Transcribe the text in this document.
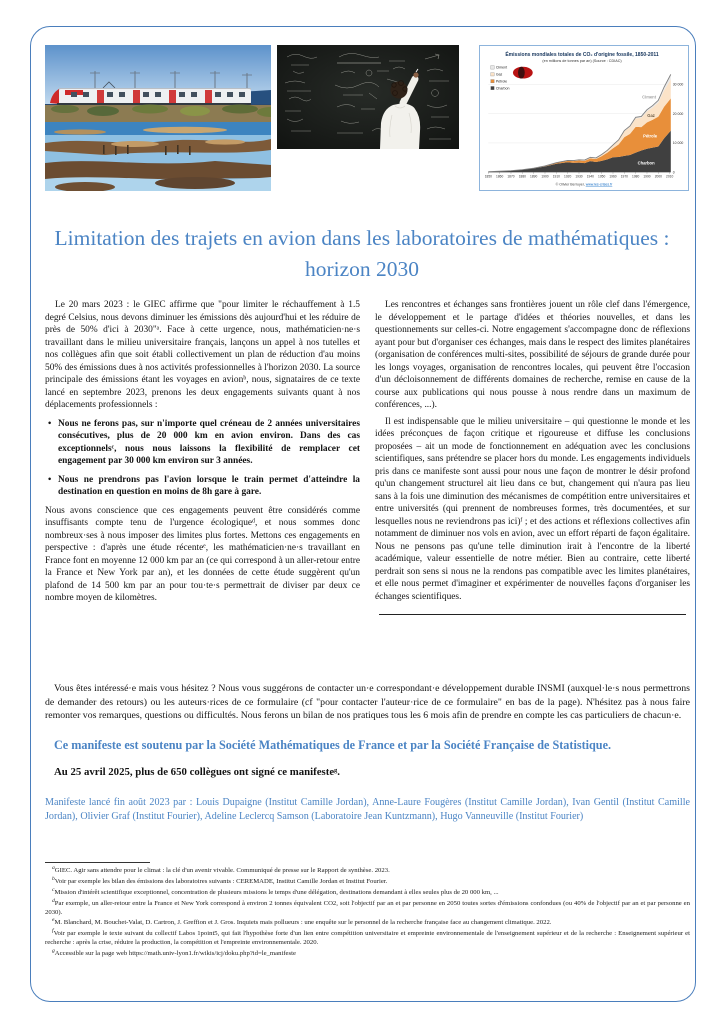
1850 1860 1870 1880 1890 1900 1910 1920 1930 1940 1950 1960 1970 1980 1990 2000 2010
0
10 000
20 000
30 000
Émissions mondiales totales de CO₂ d'origine fossile, 1850-2011
(en millions de tonnes par an) (Source : CDIAC)
Ciment
Gaz
Pétrole
Charbon
Charbon
Pétrole
Gaz
Ciment
© Olivier Berruyer, www.les-crises.fr
Limitation des trajets en avion dans les laboratoires de mathématiques : horizon 2030

Le 20 mars 2023 : le GIEC affirme que "pour limiter le réchauffement à 1.5 degré Celsius, nous devons diminuer les émissions dès aujourd'hui et les réduire de près de 50% d'ici à 2030"ᵃ. Face à cette urgence, nous, mathématicien·ne·s travaillant dans le milieu universitaire français, lançons un appel à nos tutelles et nos collègues afin que soit établi collectivement un plan de réduction d'au moins 50% des émissions dues à nos activités professionnelles à l'horizon 2030. La source principale des émissions étant les voyages en avionᵇ, nous, signataires de ce texte lancé en septembre 2023, prenons les deux engagements suivants quant à nos déplacements professionnels :

• Nous ne ferons pas, sur n'importe quel créneau de 2 années universitaires consécutives, plus de 20 000 km en avion environ. Dans des cas exceptionnelsᶜ, nous nous laissons la flexibilité de remplacer cet engagement par 30 000 km environ sur 3 années.
• Nous ne prendrons pas l'avion lorsque le train permet d'atteindre la destination en question en moins de 8h gare à gare.

Nous avons conscience que ces engagements peuvent être considérés comme insuffisants compte tenu de l'urgence écologiqueᵈ, et nous sommes donc nombreux·ses à nous imposer des limites plus fortes. Mettons ces engagements en perspective : d'après une étude récenteᵉ, les mathématicien·ne·s travaillant en France font en moyenne 12 000 km par an (ce qui correspond à un aller-retour entre la France et New York par an), et les données de cette étude suggèrent qu'un plafond de 14 500 km par an pour tou·te·s permettrait de diviser par deux ce nombre moyen de kilomètres.

Les rencontres et échanges sans frontières jouent un rôle clef dans l'émergence, le développement et le partage d'idées et théories nouvelles, et dans les questionnements sur celles-ci. Notre engagement s'accompagne donc de réflexions ayant pour but d'organiser ces échanges, mais dans le respect des limites planétaires (organisation de conférences multi-sites, possibilité de séjours de grande durée pour les longs voyages, organisation de rencontres locales, qui peuvent être l'occasion d'un décloisonnement de différents domaines de recherche, remise en cause de la course aux publications qui nous pousse à nous rendre dans un maximum de conférences, ...).

Il est indispensable que le milieu universitaire – qui questionne le monde et les idées préconçues de façon critique et rigoureuse et diffuse les conclusions proposées – ait un mode de fonctionnement en adéquation avec les conclusions scientifiques, sans prétendre se placer hors du monde. Les engagements individuels pris dans ce manifeste sont aussi pour nous une façon de montrer le désir profond qu'un changement structurel ait lieu dans ce but, changement qui n'aura pas lieu sans à la fois une diminution des mécanismes de compétition entre universitaires et entre universités (qui prennent de nombreuses formes, très documentées, et sur lesquelles nous ne reviendrons pas ici)ᶠ ; et des actions et réflexions collectives afin notamment de diminuer nos vols en avion, avec un effort réparti de façon égalitaire. Nous ne pensons pas qu'une telle diminution irait à l'encontre de la liberté académique, valeur essentielle de notre métier. Bien au contraire, cette liberté perdrait son sens si nous ne la rendons pas compatible avec les limites planétaires, et elle nous permet d'imaginer et expérimenter de nouvelles façons d'organiser les échanges scientifiques.

Vous êtes intéressé·e mais vous hésitez ? Nous vous suggérons de contacter un·e correspondant·e développement durable INSMI (auxquel·le·s nous permettrons de demander des retours) ou les auteurs·rices de ce formulaire (cf "pour contacter l'auteur·rice de ce formulaire" en bas de la page). N'hésitez pas à nous faire remonter vos remarques, questions ou difficultés. Nous ferons un bilan de nos pratiques tous les 6 mois afin de prendre en compte les cas particuliers de chacun·e.

Ce manifeste est soutenu par la Société Mathématiques de France et par la Société Française de Statistique.

Au 25 avril 2025, plus de 650 collègues ont signé ce manifesteᵍ.

Manifeste lancé fin août 2023 par : Louis Dupaigne (Institut Camille Jordan), Anne-Laure Fougères (Institut Camille Jordan), Ivan Gentil (Institut Camille Jordan), Olivier Graf (Institut Fourier), Adeline Leclercq Samson (Laboratoire Jean Kuntzmann), Hugo Vanneuville (Institut Fourier)

$^a$GIEC. Agir sans attendre pour le climat : la clé d'un avenir vivable. Communiqué de presse sur le Rapport de synthèse. 2023.

$^b$Voir par exemple les bilan des émissions des laboratoires suivants : CEREMADE, Institut Camille Jordan et Institut Fourier.

$^c$Mission d'intérêt scientifique exceptionnel, concentration de plusieurs missions le temps d'une délégation, destinations demandant à elles seules plus de 20 000 km, ...

$^d$Par exemple, un aller-retour entre la France et New York correspond à environ 2 tonnes équivalent CO2, soit l'objectif par an et par personne en 2050 toutes sortes d'émissions confondues (ou 40% de l'objectif par an et par personne en 2030).

$^e$M. Blanchard, M. Bouchet-Valat, D. Cartron, J. Greffion et J. Gros. Inquiets mais pollueurs : une enquête sur le personnel de la recherche française face au changement climatique. 2022.

$^f$Voir par exemple le texte suivant du collectif Labos 1point5, qui fait l'hypothèse forte d'un lien entre compétition universitaire et empreinte environnementale de l'enseignement supérieur et de la recherche : Enseignement supérieur et recherche : après la crise, réduire la production, la compétition et l'empreinte environnementale. 2020.

$^g$Accessible sur la page web https://math.univ-lyon1.fr/wikis/icj/doku.php?id=le_manifeste
